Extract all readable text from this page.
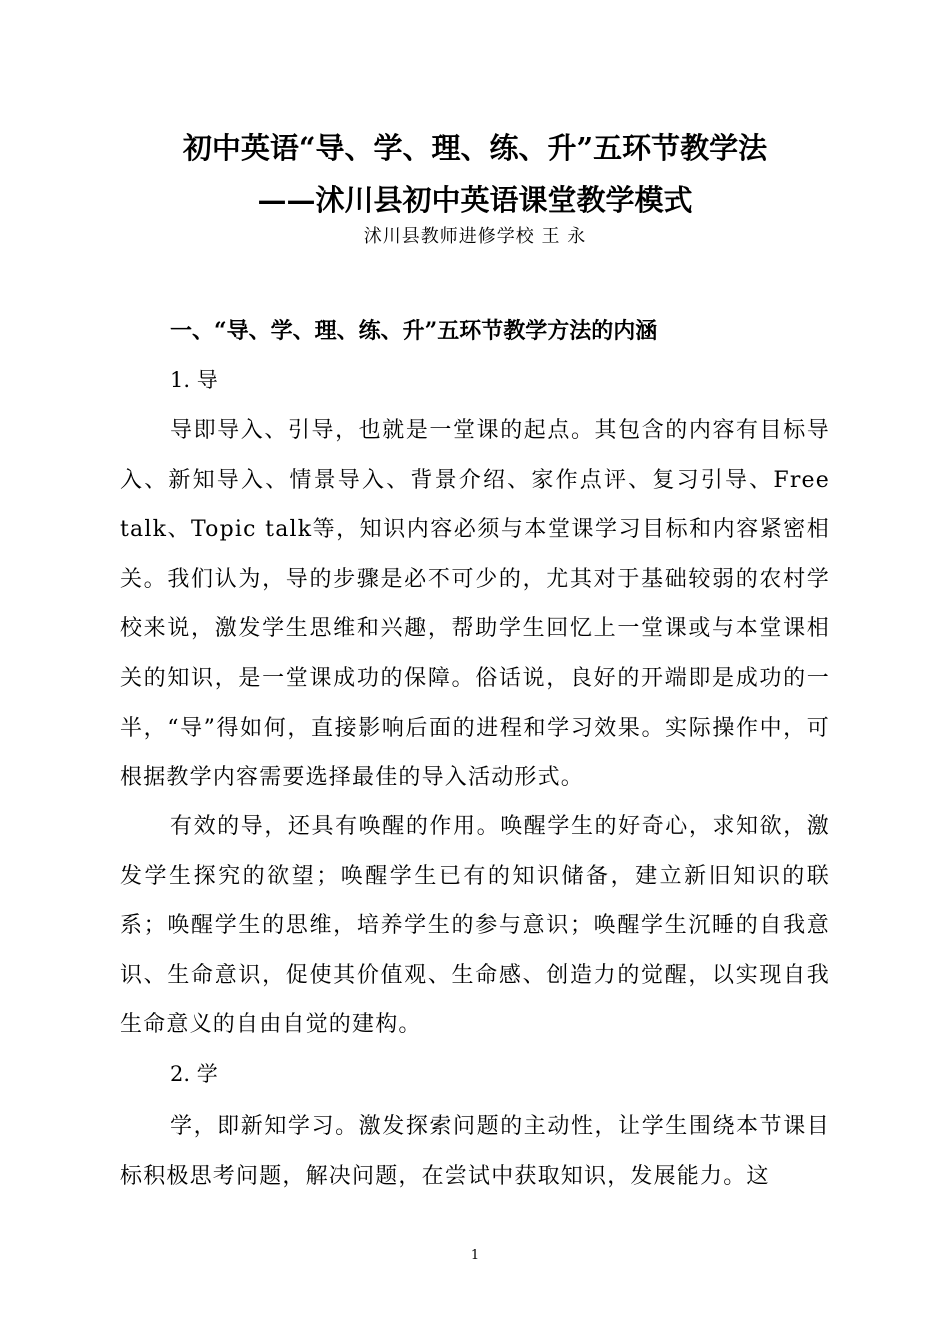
初中英语“导、学、理、练、升”五环节教学法
——沭川县初中英语课堂教学模式
沭川县教师进修学校 王 永
一、“导、学、理、练、升”五环节教学方法的内涵
1. 导
导即导入、引导，也就是一堂课的起点。其包含的内容有目标导入、新知导入、情景导入、背景介绍、家作点评、复习引导、Free talk、Topic talk等，知识内容必须与本堂课学习目标和内容紧密相关。我们认为，导的步骤是必不可少的，尤其对于基础较弱的农村学校来说，激发学生思维和兴趣，帮助学生回忆上一堂课或与本堂课相关的知识，是一堂课成功的保障。俗话说，良好的开端即是成功的一半，“导”得如何，直接影响后面的进程和学习效果。实际操作中，可根据教学内容需要选择最佳的导入活动形式。
有效的导，还具有唤醒的作用。唤醒学生的好奇心，求知欲，激发学生探究的欲望；唤醒学生已有的知识储备，建立新旧知识的联系；唤醒学生的思维，培养学生的参与意识；唤醒学生沉睡的自我意识、生命意识，促使其价值观、生命感、创造力的觉醒，以实现自我生命意义的自由自觉的建构。
2. 学
学，即新知学习。激发探索问题的主动性，让学生围绕本节课目标积极思考问题，解决问题，在尝试中获取知识，发展能力。这
1
